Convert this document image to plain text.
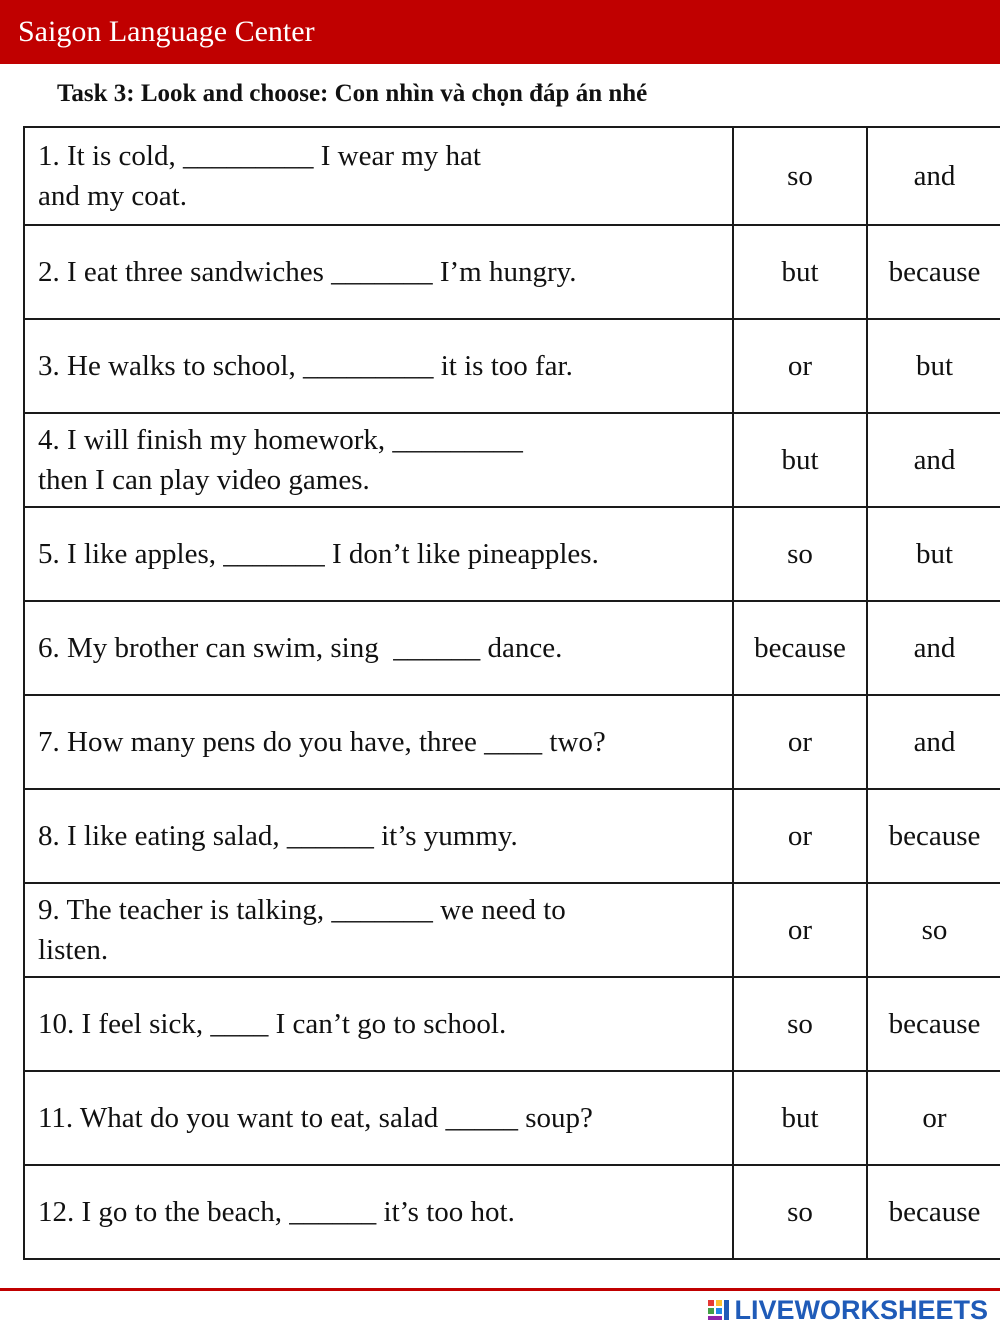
Saigon Language Center
Task 3: Look and choose: Con nhìn và chọn đáp án nhé
1. It is cold, _________ I wear my hat
and my coat.	so	and

2. I eat three sandwiches _______ I’m hungry.	but	because

3. He walks to school, _________ it is too far.	or	but

4. I will finish my homework, _________
then I can play video games.	but	and

5. I like apples, _______ I don’t like pineapples.	so	but

6. My brother can swim, sing  ______ dance.	because	and

7. How many pens do you have, three ____ two?	or	and

8. I like eating salad, ______ it’s yummy.	or	because

9. The teacher is talking, _______ we need to
listen.	or	so

10. I feel sick, ____ I can’t go to school.	so	because

11. What do you want to eat, salad _____ soup?	but	or

12. I go to the beach, ______ it’s too hot.	so	because
LIVEWORKSHEETS
